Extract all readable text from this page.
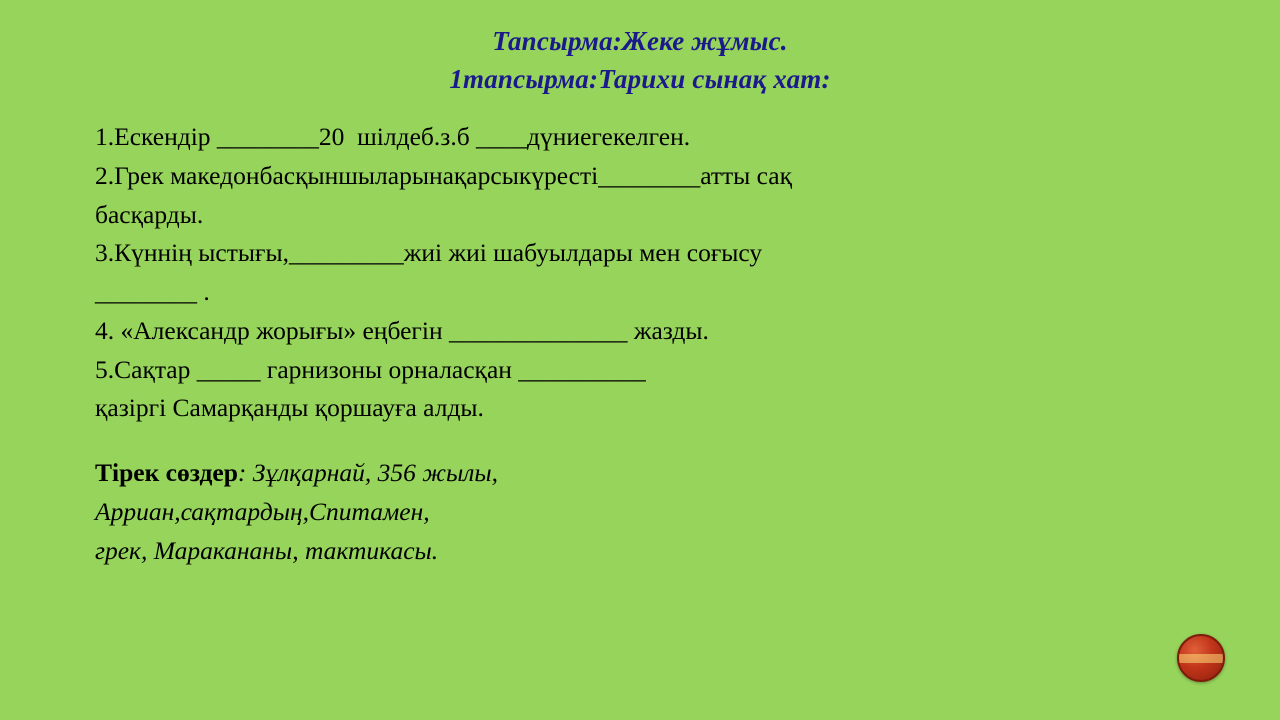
Тапсырма:Жеке жұмыс.
1тапсырма:Тарихи сынақ хат:
1.Ескендір ________20  шілдеб.з.б ____дүниегекелген.
2.Грек македонбасқыншыларынақарсыкүресті________атты сақ
басқарды.
3.Күннің ыстығы,_________жиі жиі шабуылдары мен соғысу
________ .
4. «Александр жорығы» еңбегін ______________ жазды.
5.Сақтар _____ гарнизоны орналасқан __________
қазіргі Самарқанды қоршауға алды.
Тірек сөздер: Зұлқарнай, 356 жылы,
Арриан,сақтардың,Спитамен,
грек, Маракананы, тактикасы.
